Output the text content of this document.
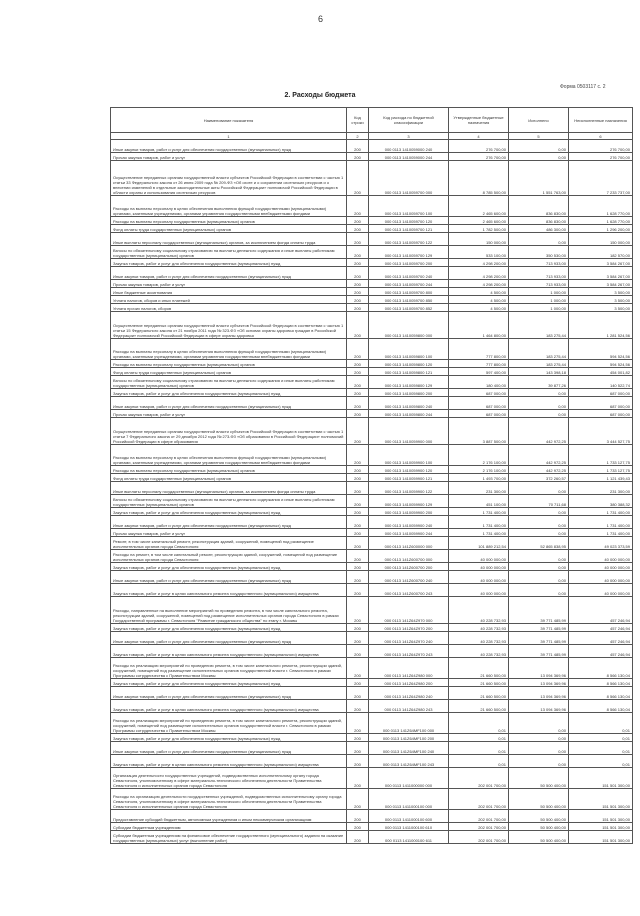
6
Форма 0503117 с. 2
2. Расходы бюджета
Наименование показателя	Код строки	Код расхода по бюджетной классификации	Утвержденные бюджетные назначения	Исполнено	Неисполненные назначения
1	2	3	4	5	6
Иные закупки товаров, работ и услуг для обеспечения государственных (муниципальных) нужд	200	000 0113 1410059000 240	276 700,00	0,00	276 700,00
Прочая закупка товаров, работ и услуг	200	000 0113 1410059000 244	276 700,00	0,00	276 700,00
Осуществление переданных органам государственной власти субъектов Российской Федерации в соответствии с частью 1 статьи 33 Федерального закона от 26 июня 2009 года № 209-ФЗ «Об охоте и о сохранении охотничьих ресурсов и о внесении изменений в отдельные законодательные акты Российской Федерации» полномочий Российской Федерации в области охраны и использования охотничьих ресурсов	200	000 0113 1410059700 000	8 785 500,00	1 551 763,00	7 233 737,00
Расходы на выплаты персоналу в целях обеспечения выполнения функций государственными (муниципальными) органами, казенными учреждениями, органами управления государственными внебюджетными фондами	200	000 0113 1410059700 100	2 465 600,00	836 830,00	1 628 770,00
Расходы на выплаты персоналу государственных (муниципальных) органов	200	000 0113 1410059700 120	2 465 600,00	836 830,00	1 628 770,00
Фонд оплаты труда государственных (муниципальных) органов	200	000 0113 1410059700 121	1 782 500,00	486 300,00	1 296 200,00
Иные выплаты персоналу государственных (муниципальных) органов, за исключением фонда оплаты труда	200	000 0113 1410059700 122	150 000,00	0,00	150 000,00
Взносы по обязательному социальному страхованию на выплаты денежного содержания и иные выплаты работникам государственных (муниципальных) органов	200	000 0113 1410059700 129	533 100,00	350 530,00	182 570,00
Закупка товаров, работ и услуг для обеспечения государственных (муниципальных) нужд	200	000 0113 1410059700 200	4 298 200,00	713 933,00	3 584 267,00
Иные закупки товаров, работ и услуг для обеспечения государственных (муниципальных) нужд	200	000 0113 1410059700 240	4 298 200,00	713 933,00	3 584 267,00
Прочая закупка товаров, работ и услуг	200	000 0113 1410059700 244	4 298 200,00	713 933,00	3 584 267,00
Иные бюджетные ассигнования	200	000 0113 1410059700 800	4 500,00	1 000,00	3 500,00
Уплата налогов, сборов и иных платежей	200	000 0113 1410059700 850	4 500,00	1 000,00	3 500,00
Уплата прочих налогов, сборов	200	000 0113 1410059700 852	4 500,00	1 000,00	3 500,00
Осуществление переданных органам государственной власти субъектов Российской Федерации в соответствии с частью 1 статьи 15 Федерального закона от 21 ноября 2011 года № 323-ФЗ «Об основах охраны здоровья граждан в Российской Федерации» полномочий Российской Федерации в сфере охраны здоровья	200	000 0113 1410059800 000	1 464 800,00	183 275,44	1 281 524,56
Расходы на выплаты персоналу в целях обеспечения выполнения функций государственными (муниципальными) органами, казенными учреждениями, органами управления государственными внебюджетными фондами	200	000 0113 1410059800 100	777 800,00	183 275,44	594 524,56
Расходы на выплаты персоналу государственных (муниципальных) органов	200	000 0113 1410059800 120	777 800,00	183 275,44	594 524,56
Фонд оплаты труда государственных (муниципальных) органов	200	000 0113 1410059800 121	597 400,00	143 398,18	454 001,82
Взносы по обязательному социальному страхованию на выплаты денежного содержания и иные выплаты работникам государственных (муниципальных) органов	200	000 0113 1410059800 129	180 400,00	39 877,26	140 522,74
Закупка товаров, работ и услуг для обеспечения государственных (муниципальных) нужд	200	000 0113 1410059800 200	687 000,00	0,00	687 000,00
Иные закупки товаров, работ и услуг для обеспечения государственных (муниципальных) нужд	200	000 0113 1410059800 240	687 000,00	0,00	687 000,00
Прочая закупка товаров, работ и услуг	200	000 0113 1410059800 244	687 000,00	0,00	687 000,00
Осуществление переданных органам государственной власти субъектов Российской Федерации в соответствии с частью 1 статьи 7 Федерального закона от 29 декабря 2012 года № 273-ФЗ «Об образовании в Российской Федерации» полномочий Российской Федерации в сфере образования	200	000 0113 1410059900 000	3 887 500,00	442 972,25	3 444 527,75
Расходы на выплаты персоналу в целях обеспечения выполнения функций государственными (муниципальными) органами, казенными учреждениями, органами управления государственными внебюджетными фондами	200	000 0113 1410059900 100	2 176 100,00	442 972,25	1 733 127,75
Расходы на выплаты персоналу государственных (муниципальных) органов	200	000 0113 1410059900 120	2 176 100,00	442 972,25	1 733 127,75
Фонд оплаты труда государственных (муниципальных) органов	200	000 0113 1410059900 121	1 493 700,00	372 260,57	1 121 439,43
Иные выплаты персоналу государственных (муниципальных) органов, за исключением фонда оплаты труда	200	000 0113 1410059900 122	231 300,00	0,00	231 300,00
Взносы по обязательному социальному страхованию на выплаты денежного содержания и иные выплаты работникам государственных (муниципальных) органов	200	000 0113 1410059900 129	451 100,00	70 711,68	380 388,32
Закупка товаров, работ и услуг для обеспечения государственных (муниципальных) нужд	200	000 0113 1410059900 200	1 731 400,00	0,00	1 731 400,00
Иные закупки товаров, работ и услуг для обеспечения государственных (муниципальных) нужд	200	000 0113 1410059900 240	1 731 400,00	0,00	1 731 400,00
Прочая закупка товаров, работ и услуг	200	000 0113 1410059900 244	1 731 400,00	0,00	1 731 400,00
Ремонт, в том числе капитальный ремонт, реконструкция зданий, сооружений, помещений под размещение исполнительных органов города Севастополя	200	000 0113 141Z600000 000	101 889 212,54	52 865 838,95	49 023 373,59
Расходы на ремонт, в том числе капитальный ремонт, реконструкцию зданий, сооружений, помещений под размещение исполнительных органов города Севастополя	200	000 0113 141Z600700 000	40 000 000,00	0,00	40 000 000,00
Закупка товаров, работ и услуг для обеспечения государственных (муниципальных) нужд	200	000 0113 141Z600700 200	40 000 000,00	0,00	40 000 000,00
Иные закупки товаров, работ и услуг для обеспечения государственных (муниципальных) нужд	200	000 0113 141Z600700 240	40 000 000,00	0,00	40 000 000,00
Закупка товаров, работ и услуг в целях капитального ремонта государственного (муниципального) имущества	200	000 0113 141Z600700 243	40 000 000,00	0,00	40 000 000,00
Расходы, направленные на выполнение мероприятий по проведению ремонта, в том числе капитального ремонта, реконструкции зданий, сооружений, помещений под размещение исполнительных органов города Севастополя в рамках Государственной программы г. Севастополя "Развитие гражданского общества" по этапу г. Москвы	200	000 0113 141Z64Z970 000	40 228 732,93	39 771 485,99	457 246,94
Закупка товаров, работ и услуг для обеспечения государственных (муниципальных) нужд	200	000 0113 141Z64Z970 200	40 228 732,93	39 771 485,99	457 246,94
Иные закупки товаров, работ и услуг для обеспечения государственных (муниципальных) нужд	200	000 0113 141Z64Z970 240	40 228 732,93	39 771 485,99	457 246,94
Закупка товаров, работ и услуг в целях капитального ремонта государственного (муниципального) имущества	200	000 0113 141Z64Z970 243	40 228 732,93	39 771 485,99	457 246,94
Расходы на реализацию мероприятий по проведению ремонта, в том числе капитального ремонта, реконструкции зданий, сооружений, помещений под размещение исполнительных органов государственной власти г. Севастополя в рамках Программы сотрудничества с Правительством Москвы	200	000 0113 141Z64Z980 000	21 660 500,00	13 094 369,96	8 566 130,04
Закупка товаров, работ и услуг для обеспечения государственных (муниципальных) нужд	200	000 0113 141Z64Z980 200	21 660 500,00	13 094 369,96	8 566 130,04
Иные закупки товаров, работ и услуг для обеспечения государственных (муниципальных) нужд	200	000 0113 141Z64Z980 240	21 660 500,00	13 094 369,96	8 566 130,04
Закупка товаров, работ и услуг в целях капитального ремонта государственного (муниципального) имущества	200	000 0113 141Z64Z980 243	21 660 500,00	13 094 369,96	8 566 130,04
Расходы на реализацию мероприятий по проведению ремонта, в том числе капитального ремонта, реконструкции зданий, сооружений, помещений под размещение исполнительных органов государственной власти г. Севастополя в рамках Программы сотрудничества с Правительством Москвы	200	000 0113 141Z64MF100 000	0,01	0,00	0,01
Закупка товаров, работ и услуг для обеспечения государственных (муниципальных) нужд	200	000 0113 141Z64MF100 200	0,01	0,00	0,01
Иные закупки товаров, работ и услуг для обеспечения государственных (муниципальных) нужд	200	000 0113 141Z64MF100 240	0,01	0,00	0,01
Закупка товаров, работ и услуг в целях капитального ремонта государственного (муниципального) имущества	200	000 0113 141Z64MF100 243	0,01	0,00	0,01
Организация деятельности государственных учреждений, подведомственных исполнительному органу города Севастополя, уполномоченному в сфере материально-технического обеспечения деятельности Правительства Севастополя и исполнительных органов города Севастополя	200	000 0113 1411000000 000	202 001 700,00	50 500 400,00	151 501 300,00
Расходы на организацию деятельности государственных учреждений, подведомственных исполнительному органу города Севастополя, уполномоченному в сфере материально-технического обеспечения деятельности Правительства Севастополя и исполнительных органов города Севастополя	200	000 0113 1411000100 000	202 001 700,00	50 500 400,00	151 501 300,00
Предоставление субсидий бюджетным, автономным учреждениям и иным некоммерческим организациям	200	000 0113 1411000100 600	202 001 700,00	50 500 400,00	151 501 300,00
Субсидии бюджетным учреждениям	200	000 0113 1411000100 610	202 001 700,00	50 500 400,00	151 501 300,00
Субсидии бюджетным учреждениям на финансовое обеспечение государственного (муниципального) задания на оказание государственных (муниципальных) услуг (выполнение работ)	200	000 0113 1411000100 611	202 001 700,00	50 500 400,00	151 501 300,00
